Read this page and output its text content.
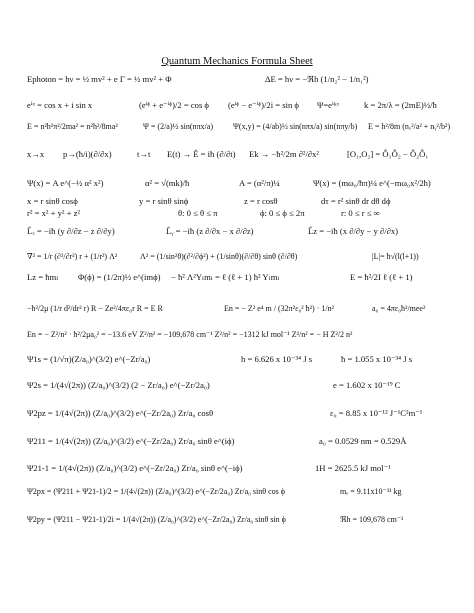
Quantum Mechanics Formula Sheet
Ephoton = hν = ½ mv² + e Γ = ½ mv² + Φ	ΔE = hν = −ℜh (1/n₂² − 1/n₁²)
eⁱˣ = cos x + i sin x	(eⁱᶲ + e⁻ⁱᶲ)/2 = cos ϕ (eⁱᶲ − e⁻ⁱᶲ)/2i = sin ϕ Ψ=eⁱᵏˣ	k = 2π/λ = (2mE)½/ħ
E = n²h²π²/2ma² = n²h²/8ma²	Ψ = (2/a)½ sin(nπx/a)	Ψ(x,y) = (4/ab)½ sin(nπx/a) sin(nπy/b) E = h²/8m (nₓ²/a² + nᵧ²/b²)
x→x p→(ħ/i)(∂/∂x)	t→t E(t) → Ê = iħ (∂/∂t) Ek → −ħ²/2m ∂²/∂x²	[O₁,O₂] = Ô₁Ô₂ − Ô₂Ô₁
Ψ(x) = A e^(−½ α² x²)	α² = √(mk)/ħ	A = (α²/π)¼	Ψ(x) = (mω₀/ħπ)¼ e^(−mω₀x²/2ħ)
x = r sinθ cosϕ	y = r sinθ sinϕ	z = r cosθ	dτ = r² sinθ dr dθ dϕ
r² = x² + y² + z²	θ: 0 ≤ θ ≤ π	ϕ: 0 ≤ ϕ ≤ 2π	r: 0 ≤ r ≤ ∞
L̂ₓ = −iħ (y ∂/∂z − z ∂/∂y)	L̂ᵧ = −iħ (z ∂/∂x − x ∂/∂z)	L̂z = −iħ (x ∂/∂y − y ∂/∂x)
∇² = 1/r (∂²/∂r²) r + (1/r²) Λ²	Λ² = (1/sin²θ)(∂²/∂ϕ²) + (1/sinθ)(∂/∂θ) sinθ (∂/∂θ)	|L|= ħ√(l(l+1))
Lz = ħmₗ Φ(ϕ) = (1/2π)½ e^(imϕ) − ħ² Λ²Yₗmₗ = ℓ (ℓ + 1) ħ² Yₗmₗ	E = ħ²/2I ℓ (ℓ + 1)
−ħ²/2μ (1/r d²/dr² r) R − Ze²/4πε₀r R = E R	En = − Z² e⁴ m / (32π²ε₀² ħ²) · 1/n²	a₀ = 4πε₀ħ²/meе²
En = − Z²/n² · ħ²/2μa₀² = −13.6 eV Z²/n² = −109,678 cm⁻¹ Z²/n² = −1312 kJ mol⁻¹ Z²/n² = − H Z²/2 n²
Ψ1s = (1/√π)(Z/a₀)^(3/2) e^(−Zr/a₀)	h = 6.626 x 10⁻³⁴ J s	ħ = 1.055 x 10⁻³⁴ J s
Ψ2s = 1/(4√(2π)) (Z/a₀)^(3/2) (2 − Zr/a₀) e^(−Zr/2a₀)	e = 1.602 x 10⁻¹⁹ C
Ψ2pz = 1/(4√(2π)) (Z/a₀)^(3/2) e^(−Zr/2a₀) Zr/a₀ cosθ	ε₀ = 8.85 x 10⁻¹² J⁻¹C²m⁻¹
Ψ211 = 1/(4√(2π)) (Z/a₀)^(3/2) e^(−Zr/2a₀) Zr/a₀ sinθ e^(iϕ)	a₀ = 0.0529 nm = 0.529Å
Ψ21-1 = 1/(4√(2π)) (Z/a₀)^(3/2) e^(−Zr/2a₀) Zr/a₀ sinθ e^(−iϕ)	1H = 2625.5 kJ mol⁻¹
Ψ2px = (Ψ211 + Ψ21-1)/2 = 1/(4√(2π)) (Z/a₀)^(3/2) e^(−Zr/2a₀) Zr/a₀ sinθ cos ϕ	mₑ = 9.11x10⁻³¹ kg
Ψ2py = (Ψ211 − Ψ21-1)/2i = 1/(4√(2π)) (Z/a₀)^(3/2) e^(−Zr/2a₀) Zr/a₀ sinθ sin ϕ	ℜh = 109,678 cm⁻¹
